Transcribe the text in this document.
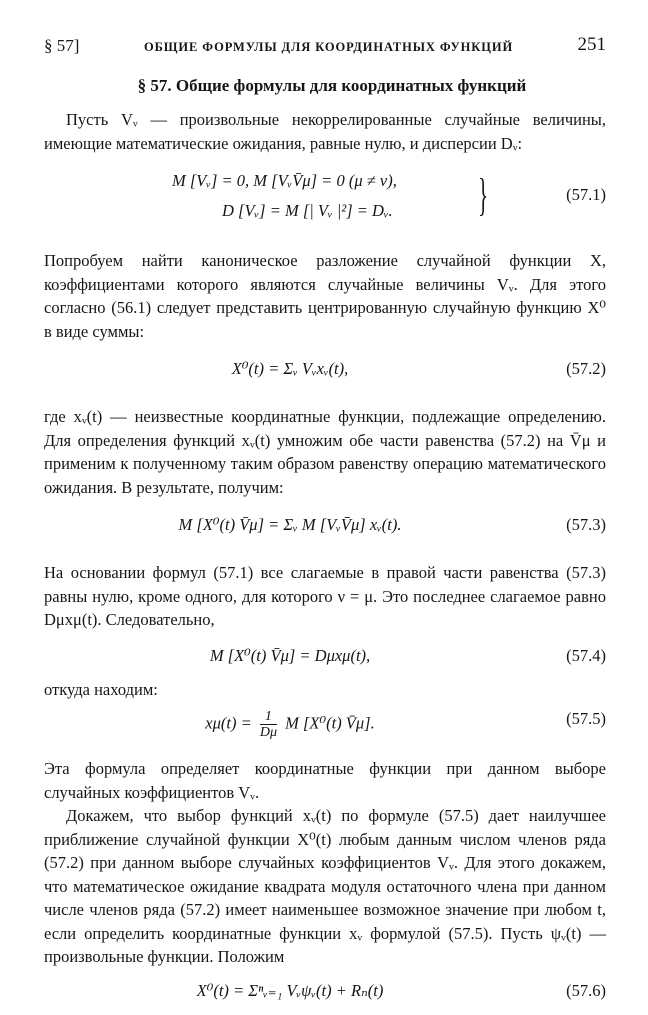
§ 57]	ОБЩИЕ ФОРМУЛЫ ДЛЯ КООРДИНАТНЫХ ФУНКЦИЙ	251
§ 57. Общие формулы для координатных функций

Пусть Vᵥ — произвольные некоррелированные случайные величины, имеющие математические ожидания, равные нулю, и дисперсии Dᵥ:

M [Vᵥ] = 0, M [VᵥV̄μ] = 0 (μ ≠ ν),
D [Vᵥ] = M [| Vᵥ |²] = Dᵥ. }	(57.1)

Попробуем найти каноническое разложение случайной функции X, коэффициентами которого являются случайные величины Vᵥ. Для этого согласно (56.1) следует представить центрированную случайную функцию X⁰ в виде суммы:

X⁰(t) = Σᵥ Vᵥxᵥ(t),	(57.2)

где xᵥ(t) — неизвестные координатные функции, подлежащие определению. Для определения функций xᵥ(t) умножим обе части равенства (57.2) на V̄μ и применим к полученному таким образом равенству операцию математического ожидания. В результате, получим:

M [X⁰(t) V̄μ] = Σᵥ M [VᵥV̄μ] xᵥ(t).	(57.3)

На основании формул (57.1) все слагаемые в правой части равенства (57.3) равны нулю, кроме одного, для которого ν = μ. Это последнее слагаемое равно Dμxμ(t). Следовательно,

M [X⁰(t) V̄μ] = Dμxμ(t),	(57.4)

откуда находим:

$x\mu(t) = \frac{1}{D\mu}$ M [X⁰(t) V̄μ].	(57.5)

Эта формула определяет координатные функции при данном выборе случайных коэффициентов Vᵥ.

Докажем, что выбор функций xᵥ(t) по формуле (57.5) дает наилучшее приближение случайной функции X⁰(t) любым данным числом членов ряда (57.2) при данном выборе случайных коэффициентов Vᵥ. Для этого докажем, что математическое ожидание квадрата модуля остаточного члена при данном числе членов ряда (57.2) имеет наименьшее возможное значение при любом t, если определить координатные функции xᵥ формулой (57.5). Пусть ψᵥ(t) — произвольные функции. Положим

X⁰(t) = Σⁿᵥ₌₁ Vᵥψᵥ(t) + Rₙ(t)	(57.6)
